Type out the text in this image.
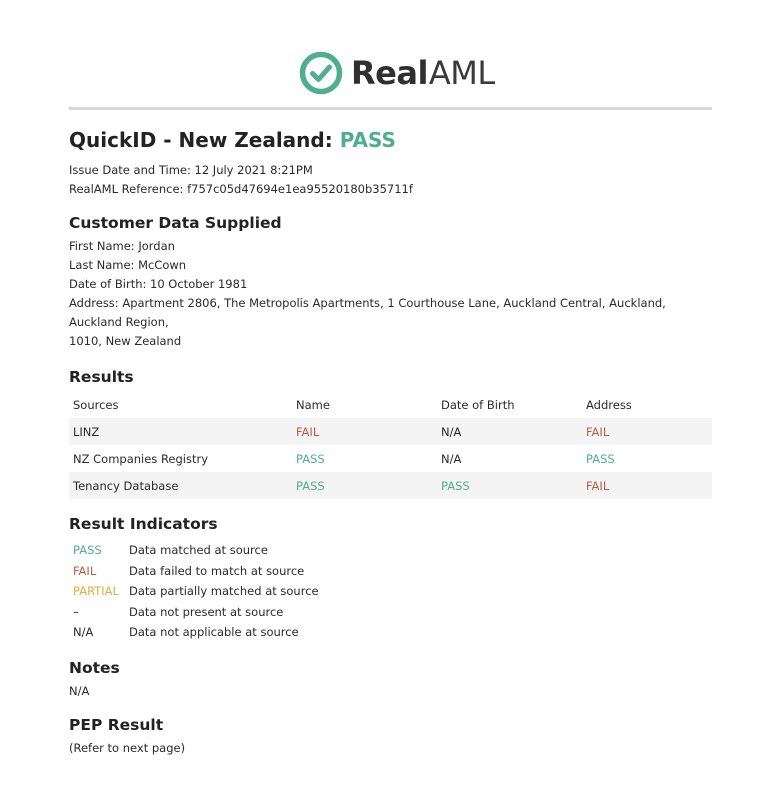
RealAML
QuickID - New Zealand: PASS
Issue Date and Time: 12 July 2021 8:21PM
RealAML Reference: f757c05d47694e1ea95520180b35711f
Customer Data Supplied
First Name: Jordan
Last Name: McCown
Date of Birth: 10 October 1981
Address: Apartment 2806, The Metropolis Apartments, 1 Courthouse Lane, Auckland Central, Auckland, Auckland Region,
1010, New Zealand
Results
Sources	Name	Date of Birth	Address
LINZ	FAIL	N/A	FAIL
NZ Companies Registry	PASS	N/A	PASS
Tenancy Database	PASS	PASS	FAIL
Result Indicators
PASS	Data matched at source
FAIL	Data failed to match at source
PARTIAL Data partially matched at source
–	Data not present at source
N/A	Data not applicable at source
Notes
N/A
PEP Result
(Refer to next page)
